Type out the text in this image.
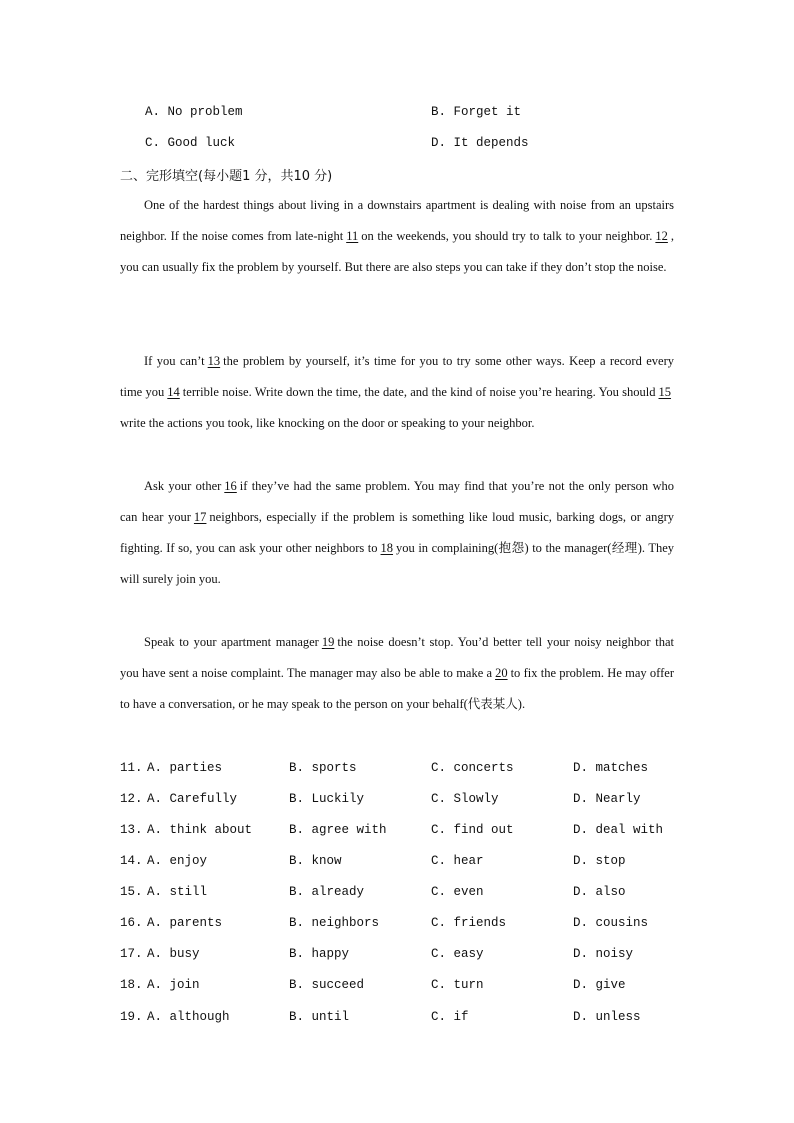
A. No problem	B. Forget it
C. Good luck	D. It depends
二、完形填空(每小题1 分，共10 分)
One of the hardest things about living in a downstairs apartment is dealing with noise from an upstairs neighbor. If the noise comes from late-night 11 on the weekends, you should try to talk to your neighbor. 12 , you can usually fix the problem by yourself. But there are also steps you can take if they don’t stop the noise.
If you can’t 13 the problem by yourself, it’s time for you to try some other ways. Keep a record every time you 14 terrible noise. Write down the time, the date, and the kind of noise you’re hearing. You should 15write the actions you took, like knocking on the door or speaking to your neighbor.
Ask your other 16 if they’ve had the same problem. You may find that you’re not the only person who can hear your 17 neighbors, especially if the problem is something like loud music, barking dogs, or angry fighting. If so, you can ask your other neighbors to 18 you in complaining(抱怨) to the manager(经理). They will surely join you.
Speak to your apartment manager 19 the noise doesn’t stop. You’d better tell your noisy neighbor that you have sent a noise complaint. The manager may also be able to make a 20 to fix the problem. He may offer to have a conversation, or he may speak to the person on your behalf(代表某人).
11. A. parties	B. sports	C. concerts	D. matches
12. A. Carefully	B. Luckily	C. Slowly	D. Nearly
13. A. think about	B. agree with	C. find out	D. deal with
14. A. enjoy	B. know	C. hear	D. stop
15. A. still	B. already	C. even	D. also
16. A. parents	B. neighbors	C. friends	D. cousins
17. A. busy	B. happy	C. easy	D. noisy
18. A. join	B. succeed	C. turn	D. give
19. A. although	B. until	C. if	D. unless
